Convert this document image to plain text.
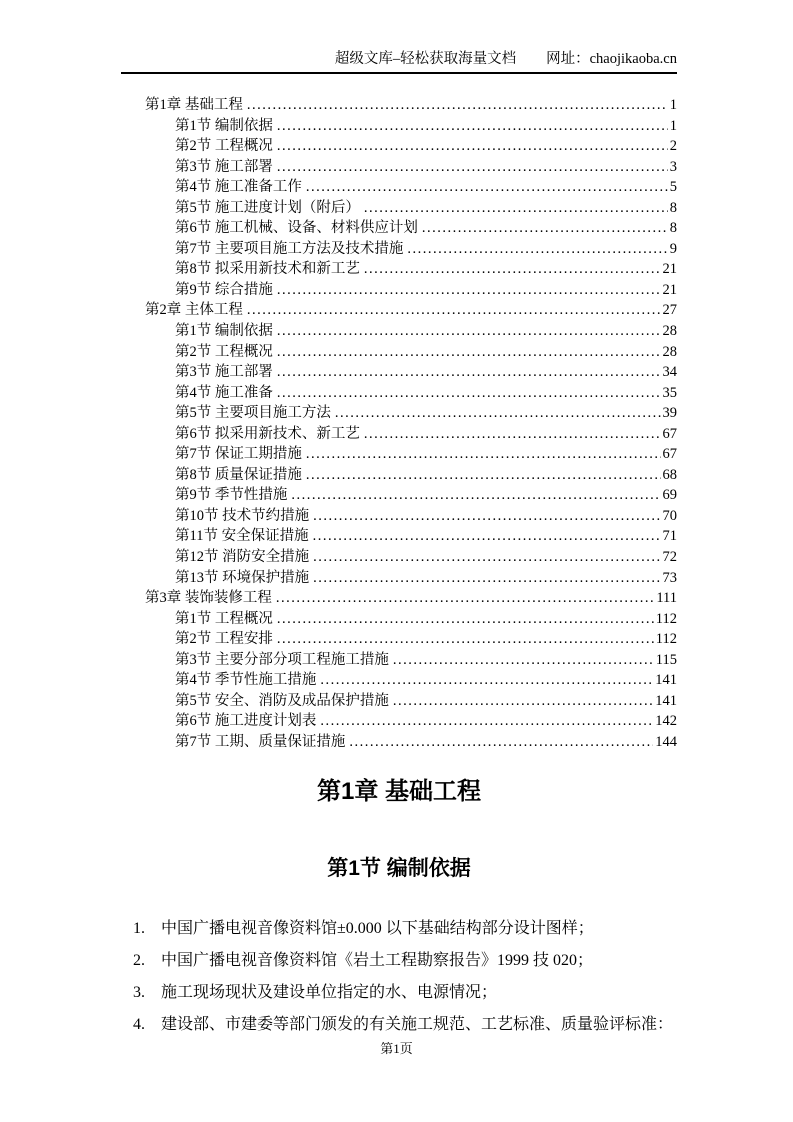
超级文库–轻松获取海量文档 网址：chaojikaoba.cn
第1章 基础工程 .....	1
第1节 编制依据 .....	1
第2节 工程概况 .....	2
第3节 施工部署 .....	3
第4节 施工准备工作 .....	5
第5节 施工进度计划（附后） .....	8
第6节 施工机械、设备、材料供应计划 .....	8
第7节 主要项目施工方法及技术措施 .....	9
第8节 拟采用新技术和新工艺 .....	21
第9节 综合措施 .....	21
第2章 主体工程 .....	27
第1节 编制依据 .....	28
第2节 工程概况 .....	28
第3节 施工部署 .....	34
第4节 施工准备 .....	35
第5节 主要项目施工方法 .....	39
第6节 拟采用新技术、新工艺 .....	67
第7节 保证工期措施 .....	67
第8节 质量保证措施 .....	68
第9节 季节性措施 .....	69
第10节 技术节约措施 .....	70
第11节 安全保证措施 .....	71
第12节 消防安全措施 .....	72
第13节 环境保护措施 .....	73
第3章 装饰装修工程 .....	111
第1节 工程概况 .....	112
第2节 工程安排 .....	112
第3节 主要分部分项工程施工措施 .....	115
第4节 季节性施工措施 .....	141
第5节 安全、消防及成品保护措施 .....	141
第6节 施工进度计划表 .....	142
第7节 工期、质量保证措施 .....	144
第1章 基础工程
第1节 编制依据
1.	中国广播电视音像资料馆±0.000 以下基础结构部分设计图样；
2.	中国广播电视音像资料馆《岩土工程勘察报告》1999 技 020；
3.	施工现场现状及建设单位指定的水、电源情况；
4.	建设部、市建委等部门颁发的有关施工规范、工艺标准、质量验评标准：
第1页
